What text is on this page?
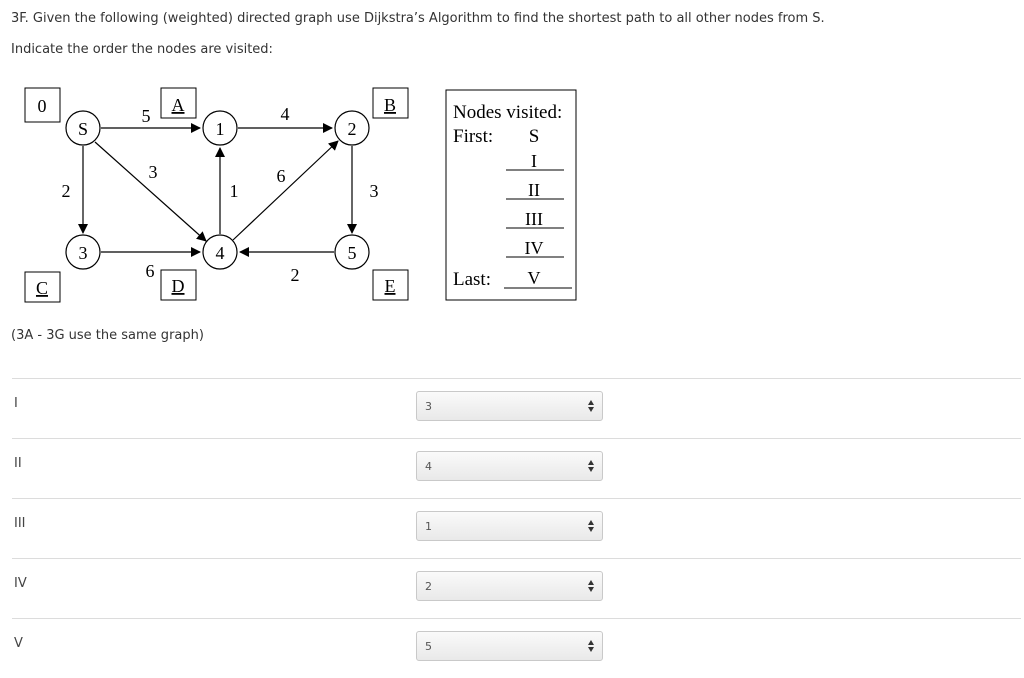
3F. Given the following (weighted) directed graph use Dijkstra’s Algorithm to find the shortest path to all other nodes from S.
Indicate the order the nodes are visited:
S	1	2
3	4	5
0	A	B
C	D	E
5
3
2	1
4
6
3
6	2
Nodes visited:
First: S
I
II
III
IV
Last: V
(3A - 3G use the same graph)
I	3
II	4
III	1
IV	2
V	5
